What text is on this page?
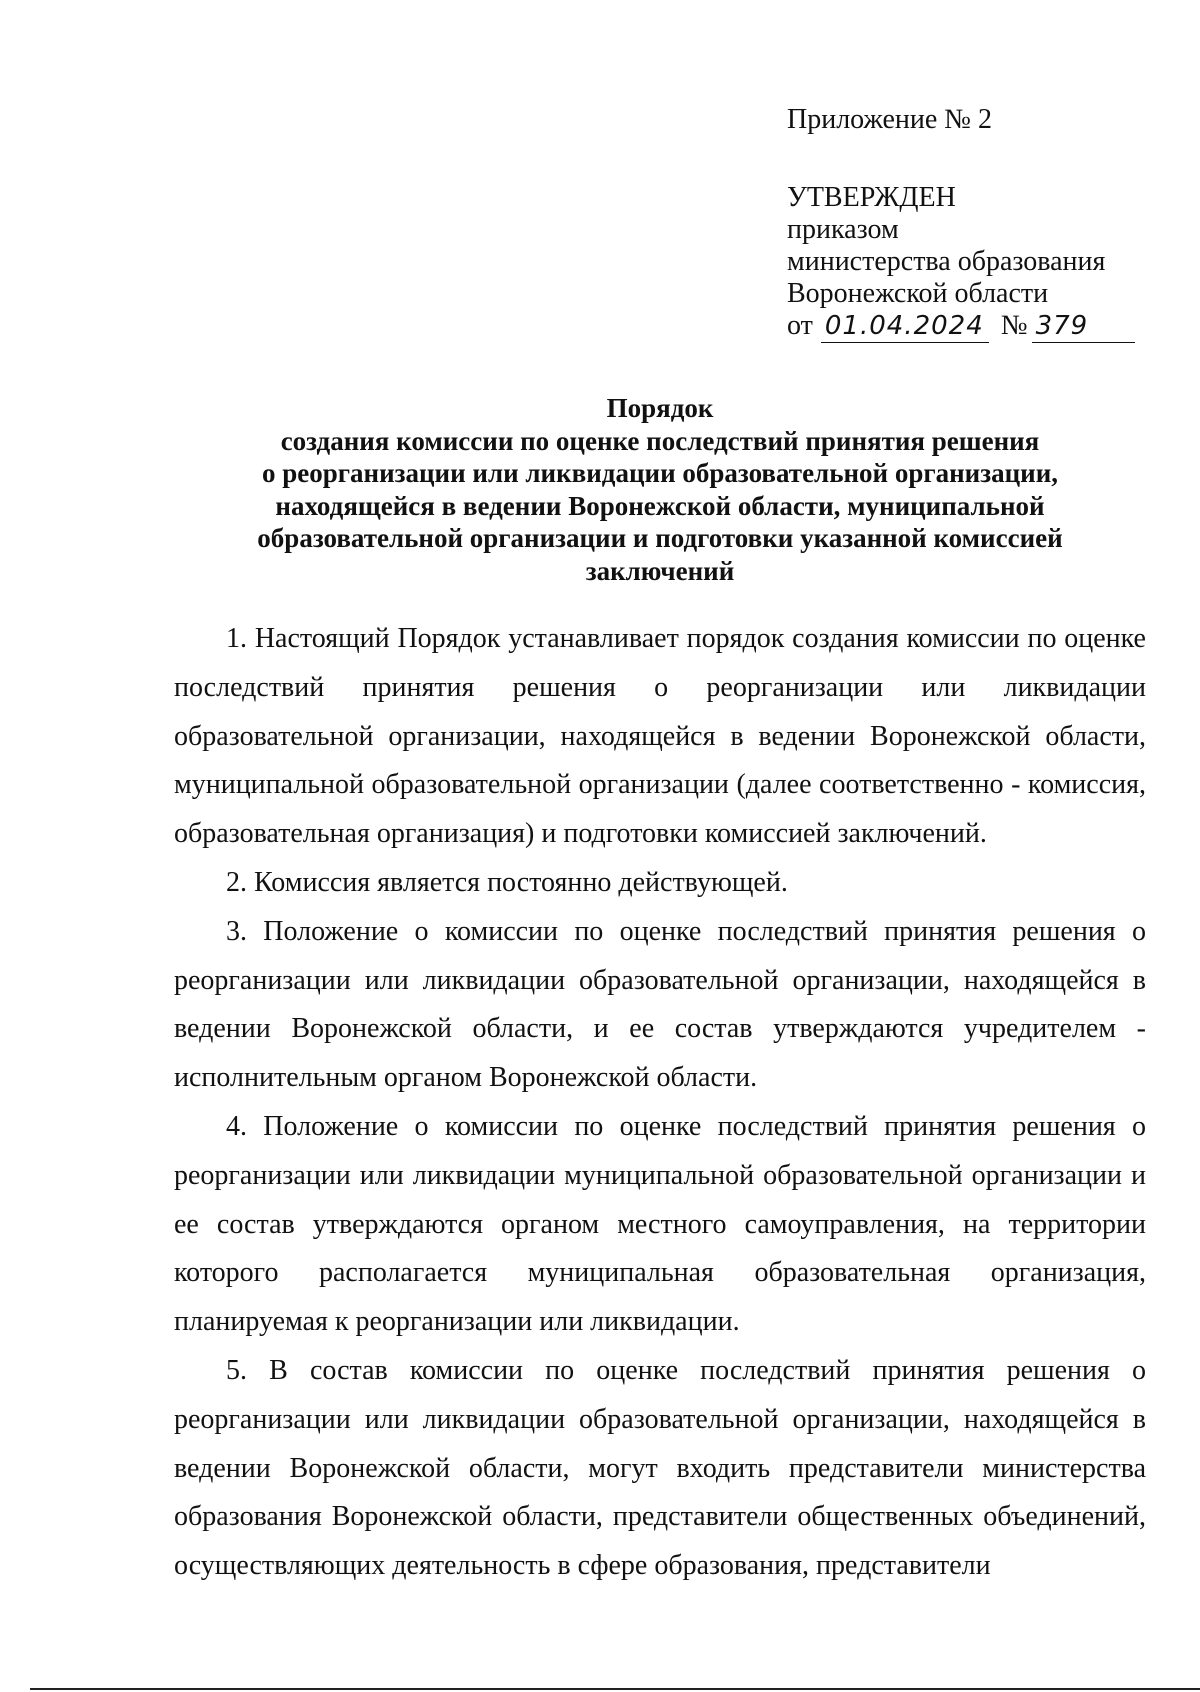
Приложение № 2
УТВЕРЖДЕН
приказом
министерства образования
Воронежской области
от 01.04.2024 № 379
Порядок
создания комиссии по оценке последствий принятия решения
о реорганизации или ликвидации образовательной организации,
находящейся в ведении Воронежской области, муниципальной
образовательной организации и подготовки указанной комиссией
заключений

1. Настоящий Порядок устанавливает порядок создания комиссии по оценке последствий принятия решения о реорганизации или ликвидации образовательной организации, находящейся в ведении Воронежской области, муниципальной образовательной организации (далее соответственно - комиссия, образовательная организация) и подготовки комиссией заключений.

2. Комиссия является постоянно действующей.

3. Положение о комиссии по оценке последствий принятия решения о реорганизации или ликвидации образовательной организации, находящейся в ведении Воронежской области, и ее состав утверждаются учредителем - исполнительным органом Воронежской области.

4. Положение о комиссии по оценке последствий принятия решения о реорганизации или ликвидации муниципальной образовательной организации и ее состав утверждаются органом местного самоуправления, на территории которого располагается муниципальная образовательная организация, планируемая к реорганизации или ликвидации.

5. В состав комиссии по оценке последствий принятия решения о реорганизации или ликвидации образовательной организации, находящейся в ведении Воронежской области, могут входить представители министерства образования Воронежской области, представители общественных объединений, осуществляющих деятельность в сфере образования, представители
